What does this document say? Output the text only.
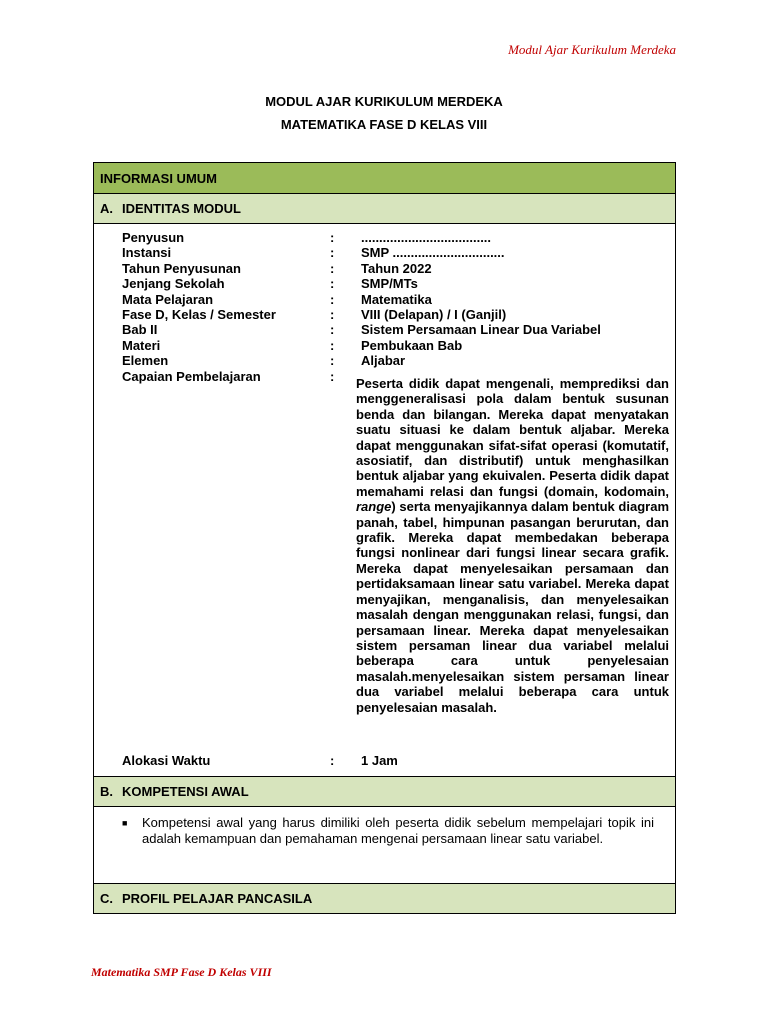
Modul Ajar Kurikulum Merdeka
MODUL AJAR KURIKULUM MERDEKA
MATEMATIKA FASE D KELAS VIII
INFORMASI UMUM
A. IDENTITAS MODUL
Penyusun	:	....................................
Instansi	:	SMP ...............................
Tahun Penyusunan	:	Tahun 2022
Jenjang Sekolah	:	SMP/MTs
Mata Pelajaran	:	Matematika
Fase D, Kelas / Semester	:	VIII (Delapan) / I (Ganjil)
Bab II	:	Sistem Persamaan Linear Dua Variabel
Materi	:	Pembukaan Bab
Elemen	:	Aljabar
Capaian Pembelajaran	:	Peserta didik dapat mengenali, memprediksi dan menggeneralisasi pola dalam bentuk susunan benda dan bilangan. Mereka dapat menyatakan suatu situasi ke dalam bentuk aljabar. Mereka dapat menggunakan sifat-sifat operasi (komutatif, asosiatif, dan distributif) untuk menghasilkan bentuk aljabar yang ekuivalen. Peserta didik dapat memahami relasi dan fungsi (domain, kodomain, range) serta menyajikannya dalam bentuk diagram panah, tabel, himpunan pasangan berurutan, dan grafik. Mereka dapat membedakan beberapa fungsi nonlinear dari fungsi linear secara grafik. Mereka dapat menyelesaikan persamaan dan pertidaksamaan linear satu variabel. Mereka dapat menyajikan, menganalisis, dan menyelesaikan masalah dengan menggunakan relasi, fungsi, dan persamaan linear. Mereka dapat menyelesaikan sistem persaman linear dua variabel melalui beberapa cara untuk penyelesaian masalah.menyelesaikan sistem persaman linear dua variabel melalui beberapa cara untuk penyelesaian masalah.
Alokasi Waktu	:	1 Jam
B. KOMPETENSI AWAL
■	Kompetensi awal yang harus dimiliki oleh peserta didik sebelum mempelajari topik ini adalah kemampuan dan pemahaman mengenai persamaan linear satu variabel.
C. PROFIL PELAJAR PANCASILA
Matematika SMP Fase D Kelas VIII
